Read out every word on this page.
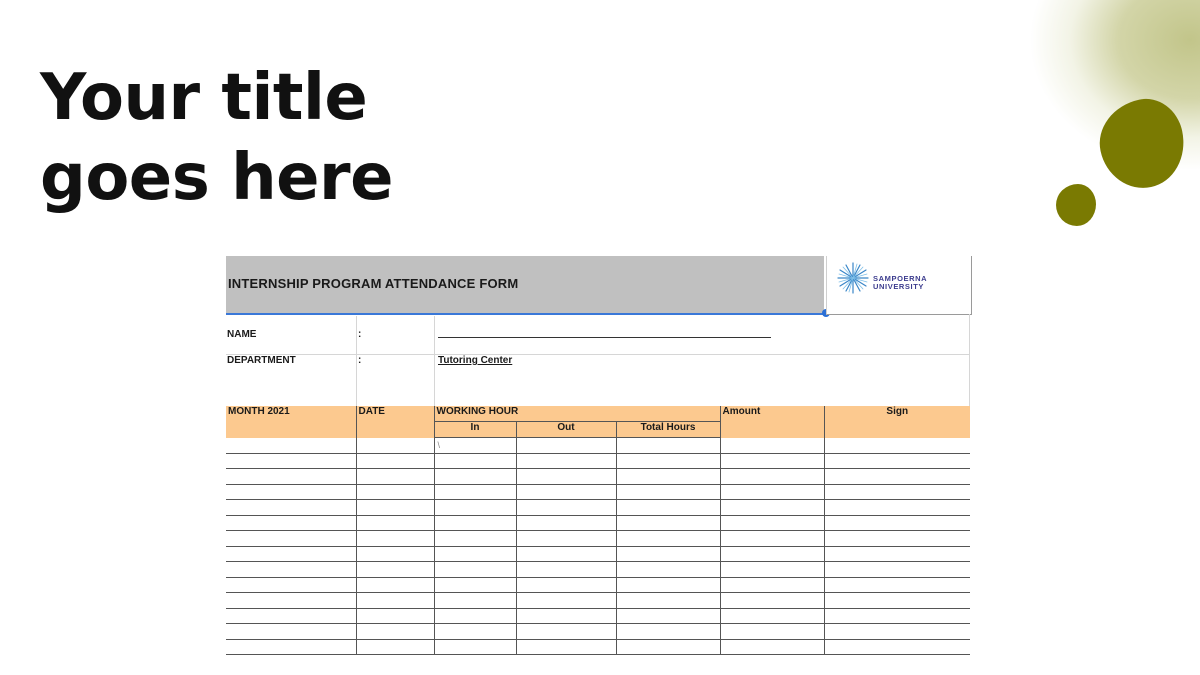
Your title
goes here
INTERNSHIP PROGRAM ATTENDANCE FORM	SAMPOERNA
UNIVERSITY
NAME	:
DEPARTMENT	:	Tutoring Center
MONTH 2021	DATE	WORKING HOUR			Amount	Sign
		In	Out	Total Hours		
		\				
